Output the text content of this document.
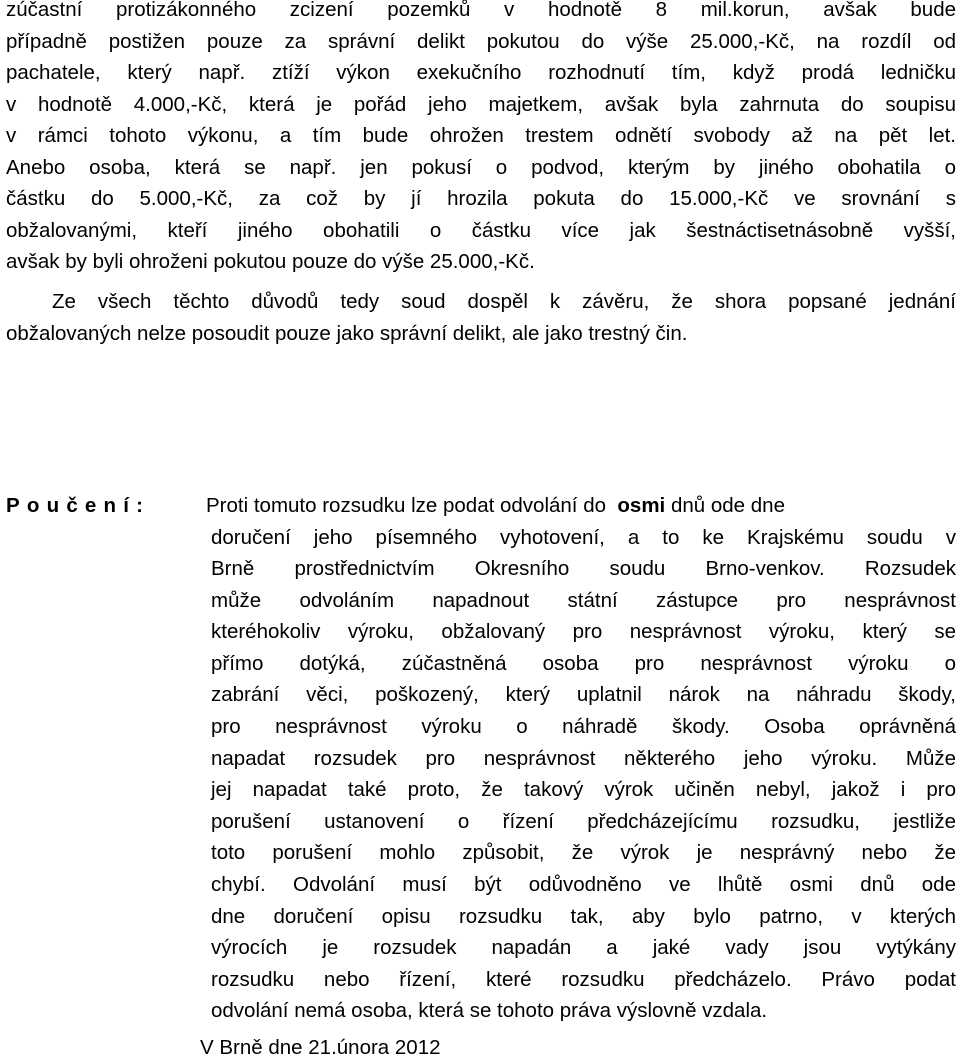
zúčastní protizákonného zcizení pozemků v hodnotě 8 mil.korun, avšak bude
případně postižen pouze za správní delikt pokutou do výše 25.000,-Kč, na rozdíl od
pachatele, který např. ztíží výkon exekučního rozhodnutí tím, když prodá ledničku
v hodnotě 4.000,-Kč, která je pořád jeho majetkem, avšak byla zahrnuta do soupisu
v rámci tohoto výkonu, a tím bude ohrožen trestem odnětí svobody až na pět let.
Anebo osoba, která se např. jen pokusí o podvod, kterým by jiného obohatila o
částku do 5.000,-Kč, za což by jí hrozila pokuta do 15.000,-Kč ve srovnání s
obžalovanými, kteří jiného obohatili o částku více jak šestnáctisetnásobně vyšší,
avšak by byli ohroženi pokutou pouze do výše 25.000,-Kč.
Ze všech těchto důvodů tedy soud dospěl k závěru, že shora popsané jednání
obžalovaných nelze posoudit pouze jako správní delikt, ale jako trestný čin.
Poučení:	Proti tomuto rozsudku lze podat odvolání do osmi dnů ode dne
doručení jeho písemného vyhotovení, a to ke Krajskému soudu v
Brně prostřednictvím Okresního soudu Brno-venkov. Rozsudek
může odvoláním napadnout státní zástupce pro nesprávnost
kteréhokoliv výroku, obžalovaný pro nesprávnost výroku, který se
přímo dotýká, zúčastněná osoba pro nesprávnost výroku o
zabrání věci, poškozený, který uplatnil nárok na náhradu škody,
pro nesprávnost výroku o náhradě škody. Osoba oprávněná
napadat rozsudek pro nesprávnost některého jeho výroku. Může
jej napadat také proto, že takový výrok učiněn nebyl, jakož i pro
porušení ustanovení o řízení předcházejícímu rozsudku, jestliže
toto porušení mohlo způsobit, že výrok je nesprávný nebo že
chybí. Odvolání musí být odůvodněno ve lhůtě osmi dnů ode
dne doručení opisu rozsudku tak, aby bylo patrno, v kterých
výrocích je rozsudek napadán a jaké vady jsou vytýkány
rozsudku nebo řízení, které rozsudku předcházelo. Právo podat
odvolání nemá osoba, která se tohoto práva výslovně vzdala.
V Brně dne 21.února 2012
